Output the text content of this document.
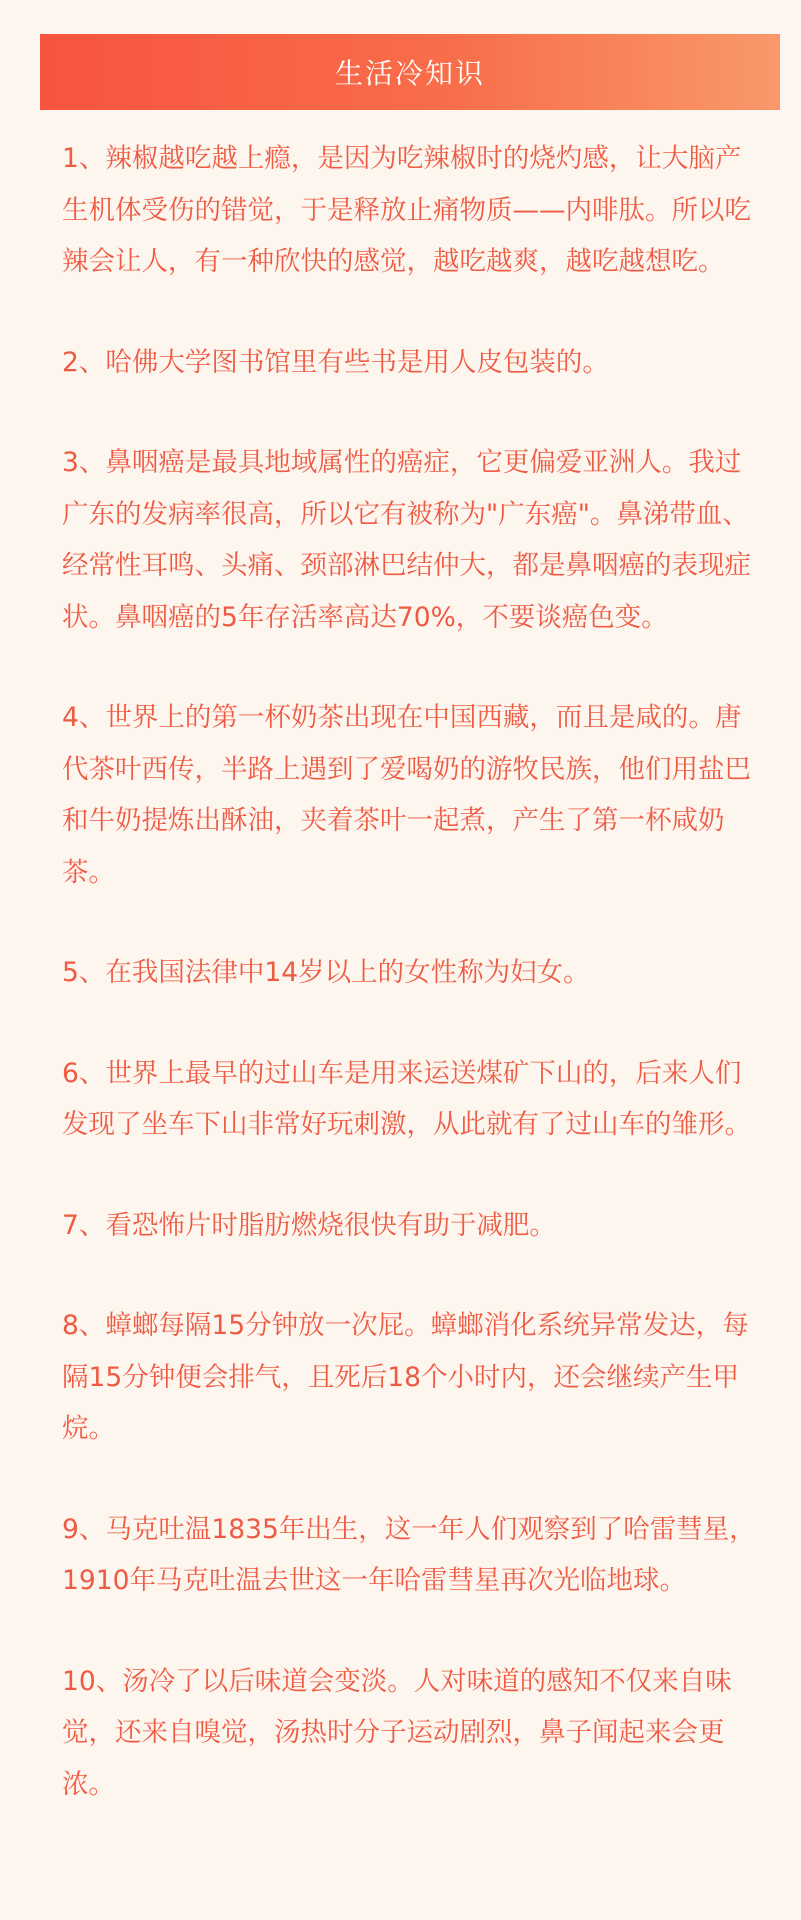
生活冷知识

1、辣椒越吃越上瘾，是因为吃辣椒时的烧灼感，让大脑产生机体受伤的错觉，于是释放止痛物质——内啡肽。所以吃辣会让人，有一种欣快的感觉，越吃越爽，越吃越想吃。

2、哈佛大学图书馆里有些书是用人皮包装的。

3、鼻咽癌是最具地域属性的癌症，它更偏爱亚洲人。我过广东的发病率很高，所以它有被称为"广东癌"。鼻涕带血、经常性耳鸣、头痛、颈部淋巴结仲大，都是鼻咽癌的表现症状。鼻咽癌的5年存活率高达70%，不要谈癌色变。

4、世界上的第一杯奶茶出现在中国西藏，而且是咸的。唐代茶叶西传，半路上遇到了爱喝奶的游牧民族，他们用盐巴和牛奶提炼出酥油，夹着茶叶一起煮，产生了第一杯咸奶茶。

5、在我国法律中14岁以上的女性称为妇女。

6、世界上最早的过山车是用来运送煤矿下山的，后来人们发现了坐车下山非常好玩刺激，从此就有了过山车的雏形。

7、看恐怖片时脂肪燃烧很快有助于减肥。

8、蟑螂每隔15分钟放一次屁。蟑螂消化系统异常发达，每隔15分钟便会排气，且死后18个小时内，还会继续产生甲烷。

9、马克吐温1835年出生，这一年人们观察到了哈雷彗星，1910年马克吐温去世这一年哈雷彗星再次光临地球。

10、汤冷了以后味道会变淡。人对味道的感知不仅来自味觉，还来自嗅觉，汤热时分子运动剧烈，鼻子闻起来会更浓。
